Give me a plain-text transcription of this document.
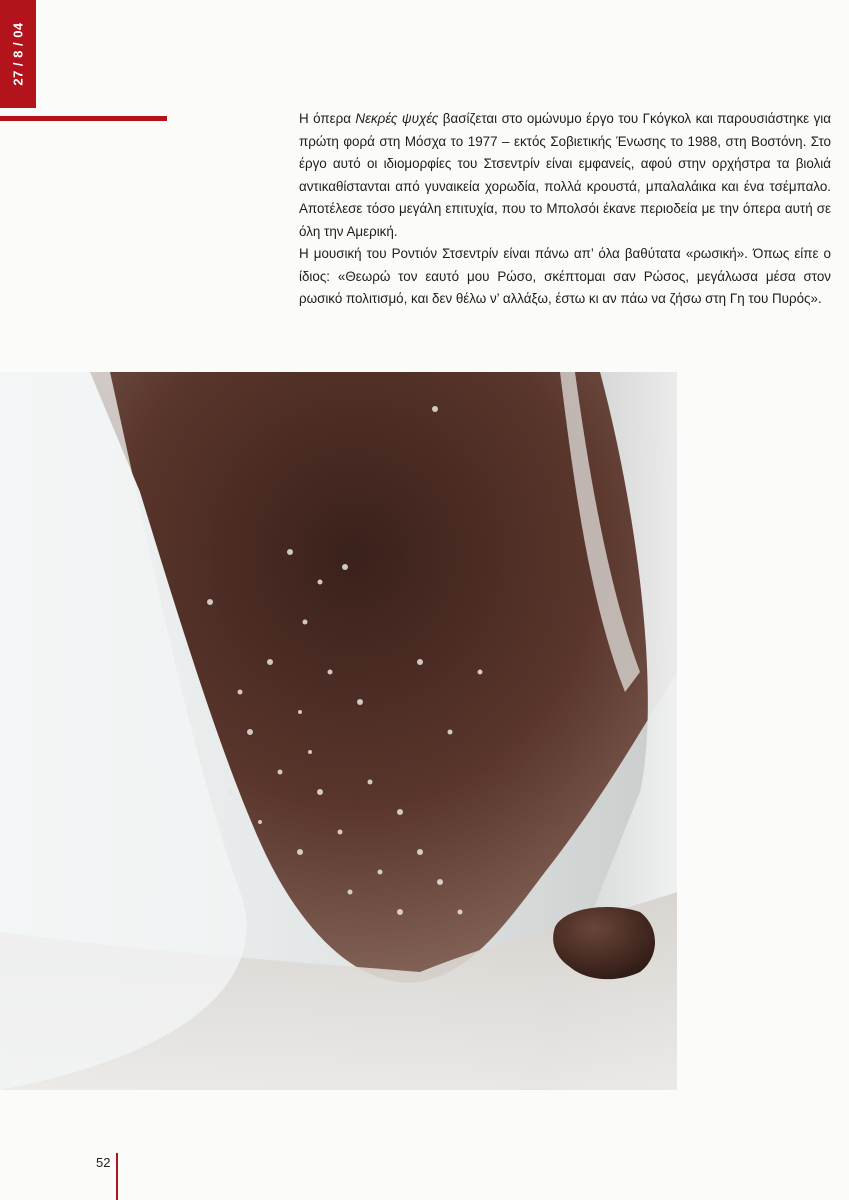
27 / 8 / 04

Η όπερα Νεκρές ψυχές βασίζεται στο ομώνυμο έργο του Γκόγκολ και παρουσιάστηκε για πρώτη φορά στη Μόσχα το 1977 – εκτός Σοβιετικής Ένωσης το 1988, στη Βοστόνη. Στο έργο αυτό οι ιδιομορφίες του Στσεντρίν είναι εμφανείς, αφού στην ορχήστρα τα βιολιά αντικαθίστανται από γυναικεία χορωδία, πολλά κρουστά, μπαλαλάικα και ένα τσέμπαλο. Αποτέλεσε τόσο μεγάλη επιτυχία, που το Μπολσόι έκανε περιοδεία με την όπερα αυτή σε όλη την Αμερική.

Η μουσική του Ροντιόν Στσεντρίν είναι πάνω απ’ όλα βαθύτατα «ρωσική». Όπως είπε ο ίδιος: «Θεωρώ τον εαυτό μου Ρώσο, σκέπτομαι σαν Ρώσος, μεγάλωσα μέσα στον ρωσικό πολιτισμό, και δεν θέλω ν’ αλλάξω, έστω κι αν πάω να ζήσω στη Γη του Πυρός».

52
